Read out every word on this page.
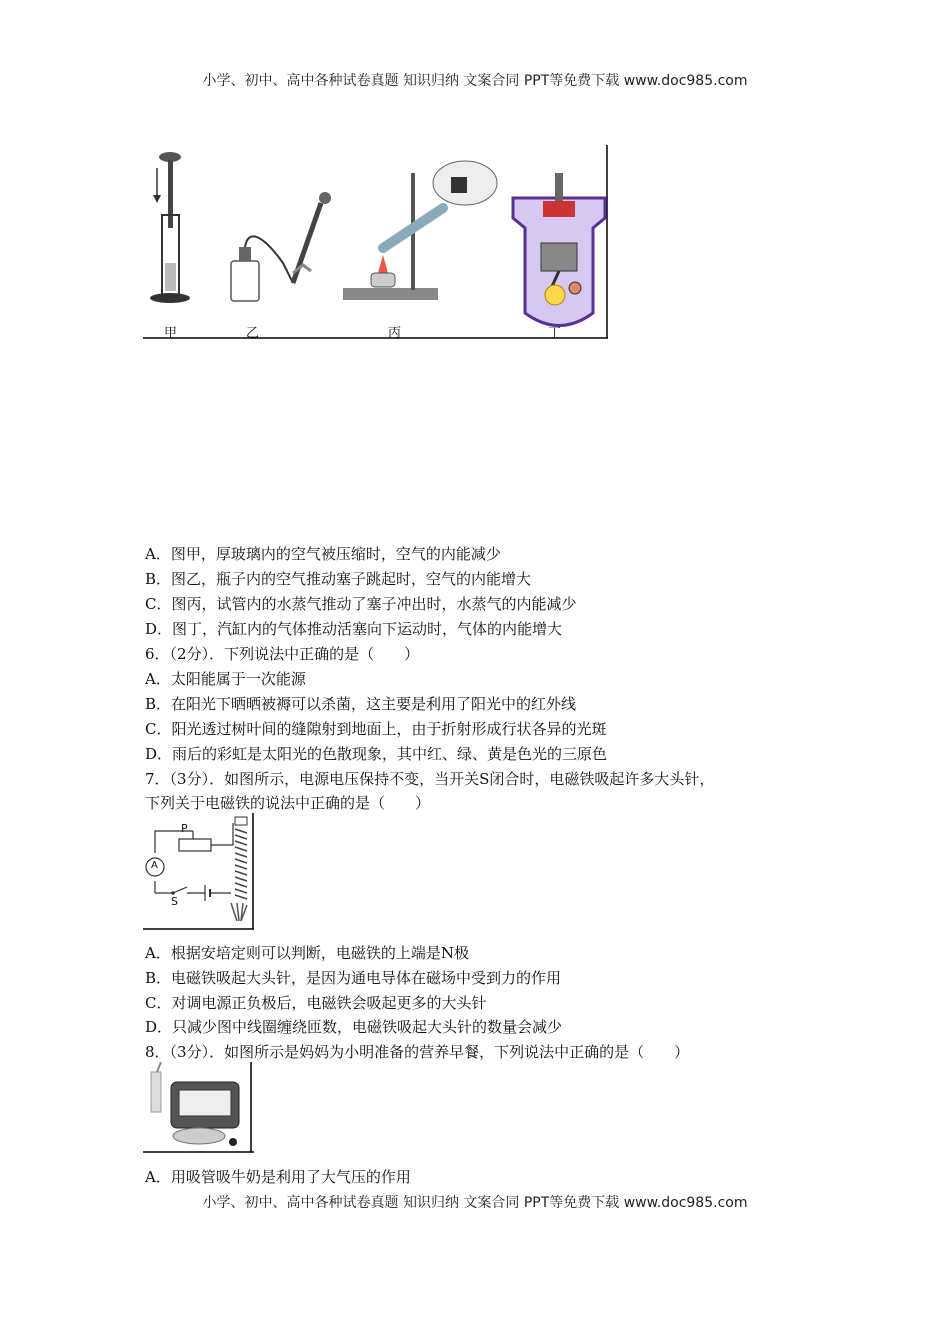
小学、初中、高中各种试卷真题 知识归纳 文案合同 PPT等免费下载 www.doc985.com
甲	乙	丙	丁
A．图甲，厚玻璃内的空气被压缩时，空气的内能减少
B．图乙，瓶子内的空气推动塞子跳起时，空气的内能增大
C．图丙，试管内的水蒸气推动了塞子冲出时，水蒸气的内能减少
D．图丁，汽缸内的气体推动活塞向下运动时，气体的内能增大
6．（2分）．下列说法中正确的是（　　）
A．太阳能属于一次能源
B．在阳光下晒晒被褥可以杀菌，这主要是利用了阳光中的红外线
C．阳光透过树叶间的缝隙射到地面上，由于折射形成行状各异的光斑
D．雨后的彩虹是太阳光的色散现象，其中红、绿、黄是色光的三原色
7．（3分）．如图所示，电源电压保持不变，当开关S闭合时，电磁铁吸起许多大头针，
下列关于电磁铁的说法中正确的是（　　）
P
A
S
A．根据安培定则可以判断，电磁铁的上端是N极
B．电磁铁吸起大头针，是因为通电导体在磁场中受到力的作用
C．对调电源正负极后，电磁铁会吸起更多的大头针
D．只减少图中线圈缠绕匝数，电磁铁吸起大头针的数量会减少
8．（3分）．如图所示是妈妈为小明准备的营养早餐，下列说法中正确的是（　　）
A．用吸管吸牛奶是利用了大气压的作用
小学、初中、高中各种试卷真题 知识归纳 文案合同 PPT等免费下载 www.doc985.com
